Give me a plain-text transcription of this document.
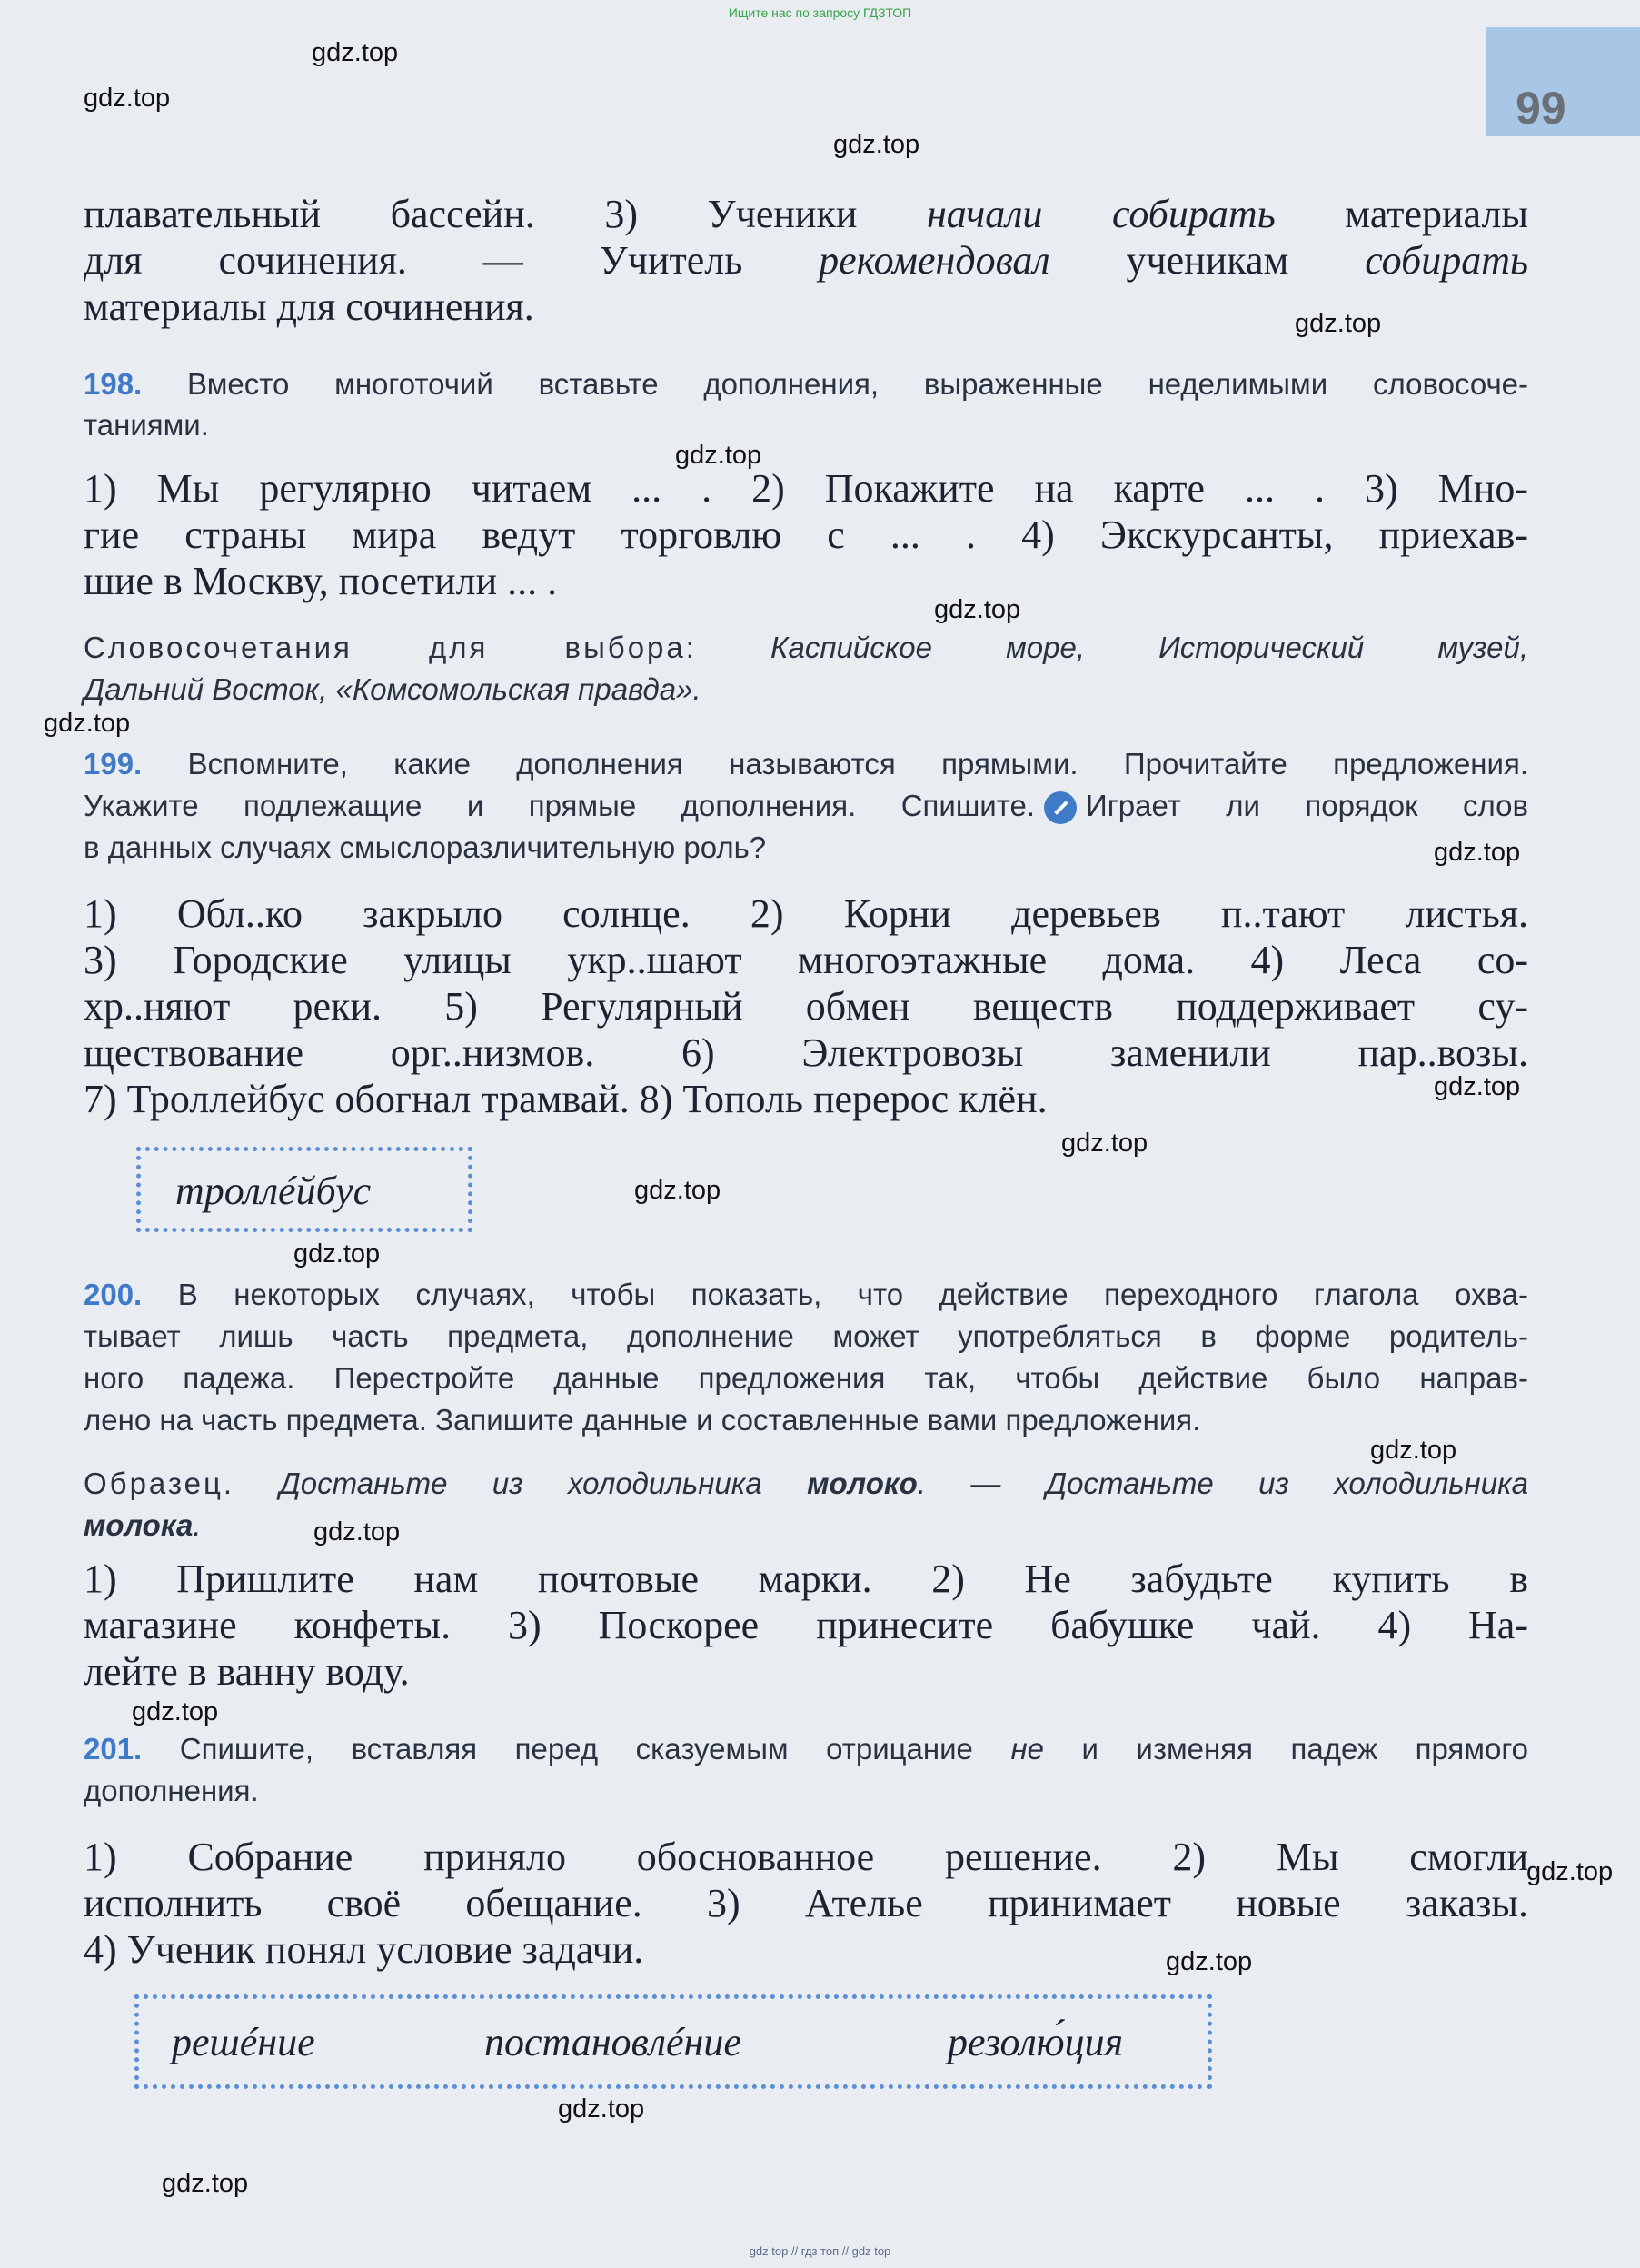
Ищите нас по запросу ГДЗТОП
99
gdz.top
gdz.top
gdz.top
gdz.top
gdz.top
gdz.top
gdz.top
gdz.top
gdz.top
gdz.top
gdz.top
gdz.top
gdz.top
gdz.top
gdz.top
gdz.top
gdz.top
gdz.top
gdz.top
плавательный бассейн. 3) Ученики начали собирать материалы
для сочинения. — Учитель рекомендовал ученикам собирать
материалы для сочинения.
198. Вместо многоточий вставьте дополнения, выраженные неделимыми словосоче-
таниями.
1) Мы регулярно читаем ... . 2) Покажите на карте ... . 3) Мно-
гие страны мира ведут торговлю с ... . 4) Экскурсанты, приехав-
шие в Москву, посетили ... .
Словосочетания для выбора: Каспийское море, Исторический музей,
Дальний Восток, «Комсомольская правда».
199. Вспомните, какие дополнения называются прямыми. Прочитайте предложения.
Укажите подлежащие и прямые дополнения. Спишите. Играет ли порядок слов
в данных случаях смыслоразличительную роль?
1) Обл..ко закрыло солнце. 2) Корни деревьев п..тают листья.
3) Городские улицы укр..шают многоэтажные дома. 4) Леса со-
хр..няют реки. 5) Регулярный обмен веществ поддерживает су-
ществование орг..низмов. 6) Электровозы заменили пар..возы.
7) Троллейбус обогнал трамвай. 8) Тополь перерос клён.
троллéйбус
200. В некоторых случаях, чтобы показать, что действие переходного глагола охва-
тывает лишь часть предмета, дополнение может употребляться в форме родитель-
ного падежа. Перестройте данные предложения так, чтобы действие было направ-
лено на часть предмета. Запишите данные и составленные вами предложения.
Образец. Достаньте из холодильника молоко. — Достаньте из холодильника
молока.
1) Пришлите нам почтовые марки. 2) Не забудьте купить в
магазине конфеты. 3) Поскорее принесите бабушке чай. 4) На-
лейте в ванну воду.
201. Спишите, вставляя перед сказуемым отрицание не и изменяя падеж прямого
дополнения.
1) Собрание приняло обоснованное решение. 2) Мы смогли
исполнить своё обещание. 3) Ателье принимает новые заказы.
4) Ученик понял условие задачи.
решéние	постановлéние	резолю́ция
gdz top // гдз топ // gdz top
